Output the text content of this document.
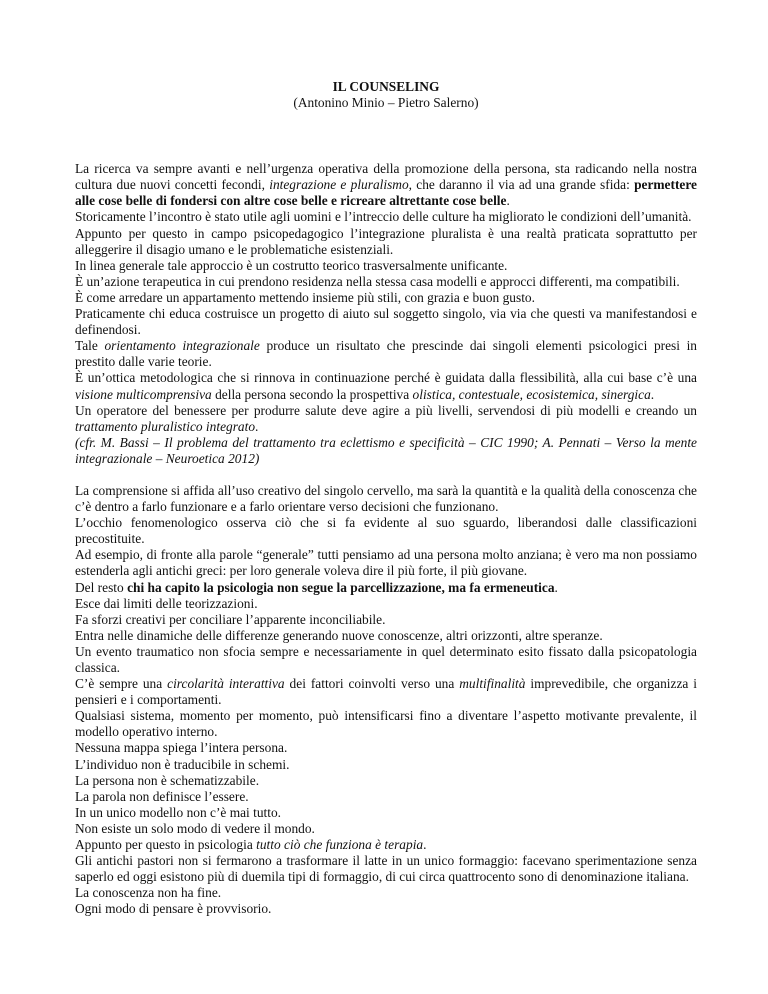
IL COUNSELING
(Antonino Minio – Pietro Salerno)
La ricerca va sempre avanti e nell’urgenza operativa della promozione della persona, sta radicando nella nostra cultura due nuovi concetti fecondi, integrazione e pluralismo, che daranno il via ad una grande sfida: permettere alle cose belle di fondersi con altre cose belle e ricreare altrettante cose belle.
Storicamente l’incontro è stato utile agli uomini e l’intreccio delle culture ha migliorato le condizioni dell’umanità.
Appunto per questo in campo psicopedagogico l’integrazione pluralista è una realtà praticata soprattutto per alleggerire il disagio umano e le problematiche esistenziali.
In linea generale tale approccio è un costrutto teorico trasversalmente unificante.
È un’azione terapeutica in cui prendono residenza nella stessa casa modelli e approcci differenti, ma compatibili.
È come arredare un appartamento mettendo insieme più stili, con grazia e buon gusto.
Praticamente chi educa costruisce un progetto di aiuto sul soggetto singolo, via via che questi va manifestandosi e definendosi.
Tale orientamento integrazionale produce un risultato che prescinde dai singoli elementi psicologici presi in prestito dalle varie teorie.
È un’ottica metodologica che si rinnova in continuazione perché è guidata dalla flessibilità, alla cui base c’è una visione multicomprensiva della persona secondo la prospettiva olistica, contestuale, ecosistemica, sinergica.
Un operatore del benessere per produrre salute deve agire a più livelli, servendosi di più modelli e creando un trattamento pluralistico integrato.
(cfr. M. Bassi – Il problema del trattamento tra eclettismo e specificità – CIC 1990; A. Pennati – Verso la mente integrazionale – Neuroetica 2012)
La comprensione si affida all’uso creativo del singolo cervello, ma sarà la quantità e la qualità della conoscenza che c’è dentro a farlo funzionare e a farlo orientare verso decisioni che funzionano.
L’occhio fenomenologico osserva ciò che si fa evidente al suo sguardo, liberandosi dalle classificazioni precostituite.
Ad esempio, di fronte alla parole “generale” tutti pensiamo ad una persona molto anziana; è vero ma non possiamo estenderla agli antichi greci: per loro generale voleva dire il più forte, il più giovane.
Del resto chi ha capito la psicologia non segue la parcellizzazione, ma fa ermeneutica.
Esce dai limiti delle teorizzazioni.
Fa sforzi creativi per conciliare l’apparente inconciliabile.
Entra nelle dinamiche delle differenze generando nuove conoscenze, altri orizzonti, altre speranze.
Un evento traumatico non sfocia sempre e necessariamente in quel determinato esito fissato dalla psicopatologia classica.
C’è sempre una circolarità interattiva dei fattori coinvolti verso una multifinalità imprevedibile, che organizza i pensieri e i comportamenti.
Qualsiasi sistema, momento per momento, può intensificarsi fino a diventare l’aspetto motivante prevalente, il modello operativo interno.
Nessuna mappa spiega l’intera persona.
L’individuo non è traducibile in schemi.
La persona non è schematizzabile.
La parola non definisce l’essere.
In un unico modello non c’è mai tutto.
Non esiste un solo modo di vedere il mondo.
Appunto per questo in psicologia tutto ciò che funziona è terapia.
Gli antichi pastori non si fermarono a trasformare il latte in un unico formaggio: facevano sperimentazione senza saperlo ed oggi esistono più di duemila tipi di formaggio, di cui circa quattrocento sono di denominazione italiana.
La conoscenza non ha fine.
Ogni modo di pensare è provvisorio.
